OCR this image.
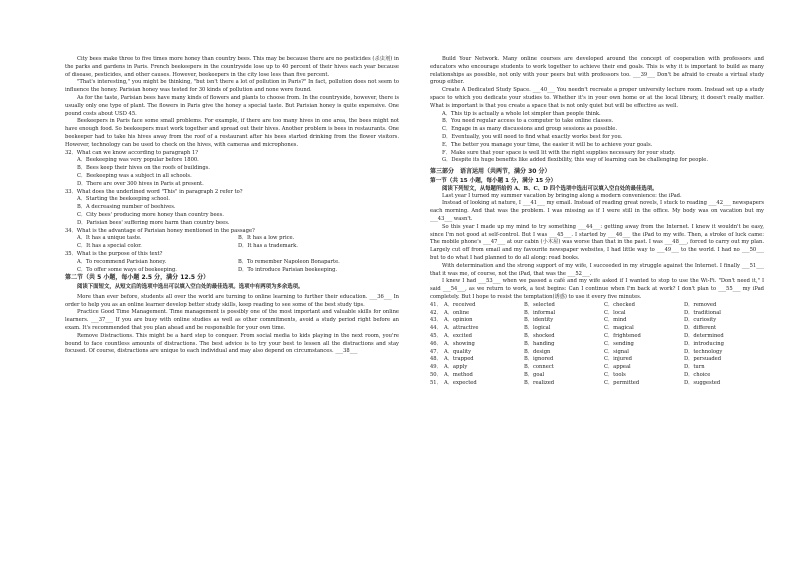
City bees make three to five times more honey than country bees. This may be because there are no pesticides (杀虫剂) in the parks and gardens in Paris. French beekeepers in the countryside lose up to 40 percent of their hives each year because of disease, pesticides, and other causes. However, beekeepers in the city lose less than five percent.

"That's interesting," you might be thinking, "but isn't there a lot of pollution in Paris?" In fact, pollution does not seem to influence the honey. Parisian honey was tested for 30 kinds of pollution and none were found.

As for the taste, Parisian bees have many kinds of flowers and plants to choose from. In the countryside, however, there is usually only one type of plant. The flowers in Paris give the honey a special taste. But Parisian honey is quite expensive. One pound costs about USD 45.

Beekeepers in Paris face some small problems. For example, if there are too many hives in one area, the bees might not have enough food. So beekeepers must work together and spread out their hives. Another problem is bees in restaurants. One beekeeper had to take his hives away from the roof of a restaurant after his bees started drinking from the flower visitors. However, technology can be used to check on the hives, with cameras and microphones.

32．What can we know according to paragraph 1?

A．Beekeeping was very popular before 1800.

B．Bees keep their hives on the roofs of buildings.

C．Beekeeping was a subject in all schools.

D．There are over 300 hives in Paris at present.

33．What does the underlined word "This" in paragraph 2 refer to?

A．Starting the beekeeping school.

B．A decreasing number of beehives.

C．City bees' producing more honey than country bees.

D．Parisian bees' suffering more harm than country bees.

34．What is the advantage of Parisian honey mentioned in the passage?

A．It has a unique taste.	B．It has a low price.
C．It has a special color.	D．It has a trademark.

35．What is the purpose of this text?

A．To recommend Parisian honey.	B．To remember Napoleon Bonaparte.
C．To offer some ways of beekeeping.	D．To introduce Parisian beekeeping.

第二节（共 5 小题，每小题 2.5 分，满分 12.5 分）

阅读下面短文，从短文后的选项中选出可以填入空白处的最佳选项。选项中有两项为多余选项。

More than ever before, students all over the world are turning to online learning to further their education. ___36___ In order to help you as an online learner develop better study skills, keep reading to see some of the best study tips.

Practice Good Time Management. Time management is possibly one of the most important and valuable skills for online learners. ___37___ If you are busy with online studies as well as other commitments, avoid a study period right before an exam. It's recommended that you plan ahead and be responsible for your own time.

Remove Distractions. This might be a hard step to conquer. From social media to kids playing in the next room, you're bound to face countless amounts of distractions. The best advice is to try your best to lessen all the distractions and stay focused. Of course, distractions are unique to each individual and may also depend on circumstances. ___38___

Build Your Network. Many online courses are developed around the concept of cooperation with professors and educators who encourage students to work together to achieve their end goals. This is why it is important to build as many relationships as possible, not only with your peers but with professors too. ___39___ Don't be afraid to create a virtual study group either.

Create A Dedicated Study Space. ___40___ You needn't recreate a proper university lecture room. Instead set up a study space to which you dedicate your studies to. Whether it's in your own home or at the local library, it doesn't really matter. What is important is that you create a space that is not only quiet but will be effective as well.

A．This tip is actually a whole lot simpler than people think.

B．You need regular access to a computer to take online classes.

C．Engage in as many discussions and group sessions as possible.

D．Eventually, you will need to find what exactly works best for you.

E．The better you manage your time, the easier it will be to achieve your goals.

F．Make sure that your space is well lit with the right supplies necessary for your study.

G．Despite its huge benefits like added flexibility, this way of learning can be challenging for people.

第三部分　语言运用（共两节，满分 30 分）

第一节（共 15 小题，每小题 1 分，满分 15 分）

阅读下列短文，从每题所给的 A、B、C、D 四个选项中选出可以填入空白处的最佳选项。

Last year I turned my summer vacation by bringing along a modern convenience: the iPad.

Instead of looking at nature, I ___41___ my email. Instead of reading great novels, I stuck to reading ___42___ newspapers each morning. And that was the problem. I was missing as if I were still in the office. My body was on vacation but my ___43___ wasn't.

So this year I made up my mind to try something ___44___: getting away from the Internet. I knew it wouldn't be easy, since I'm not good at self-control. But I was ___45___. I started by ___46___ the iPad to my wife. Then, a stroke of luck came: The mobile phone's ___47___ at our cabin (小木屋) was worse than that in the past. I was ___48___, forced to carry out my plan. Largely cut off from email and my favourite newspaper websites, I had little way to ___49___ to the world. I had no ___50___ but to do what I had planned to do all along: read books.

With determination and the strong support of my wife, I succeeded in my struggle against the Internet. I finally ___51___ that it was me, of course, not the iPad, that was the ___52___.

I knew I had ___53___ when we passed a café and my wife asked if I wanted to stop to use the Wi-Fi. "Don't need it," I said ___54___, as we return to work, a test begins: Can I continue when I'm back at work? I don't plan to ___55___ my iPad completely. But I hope to resist the temptation(诱惑) to use it every five minutes.

41． A．received	B．selected	C．checked	D．removed
42． A．online	B．informal	C．local	D．traditional
43． A．opinion	B．identity	C．mind	D．curiosity
44． A．attractive	B．logical	C．magical	D．different
45． A．excited	B．shocked	C．frightened	D．determined
46． A．showing	B．handing	C．sending	D．introducing
47． A．quality	B．design	C．signal	D．technology
48． A．trapped	B．ignored	C．injured	D．persuaded
49． A．apply	B．connect	C．appeal	D．turn
50． A．method	B．goal	C．tools	D．choice
51． A．expected	B．realized	C．permitted	D．suggested
